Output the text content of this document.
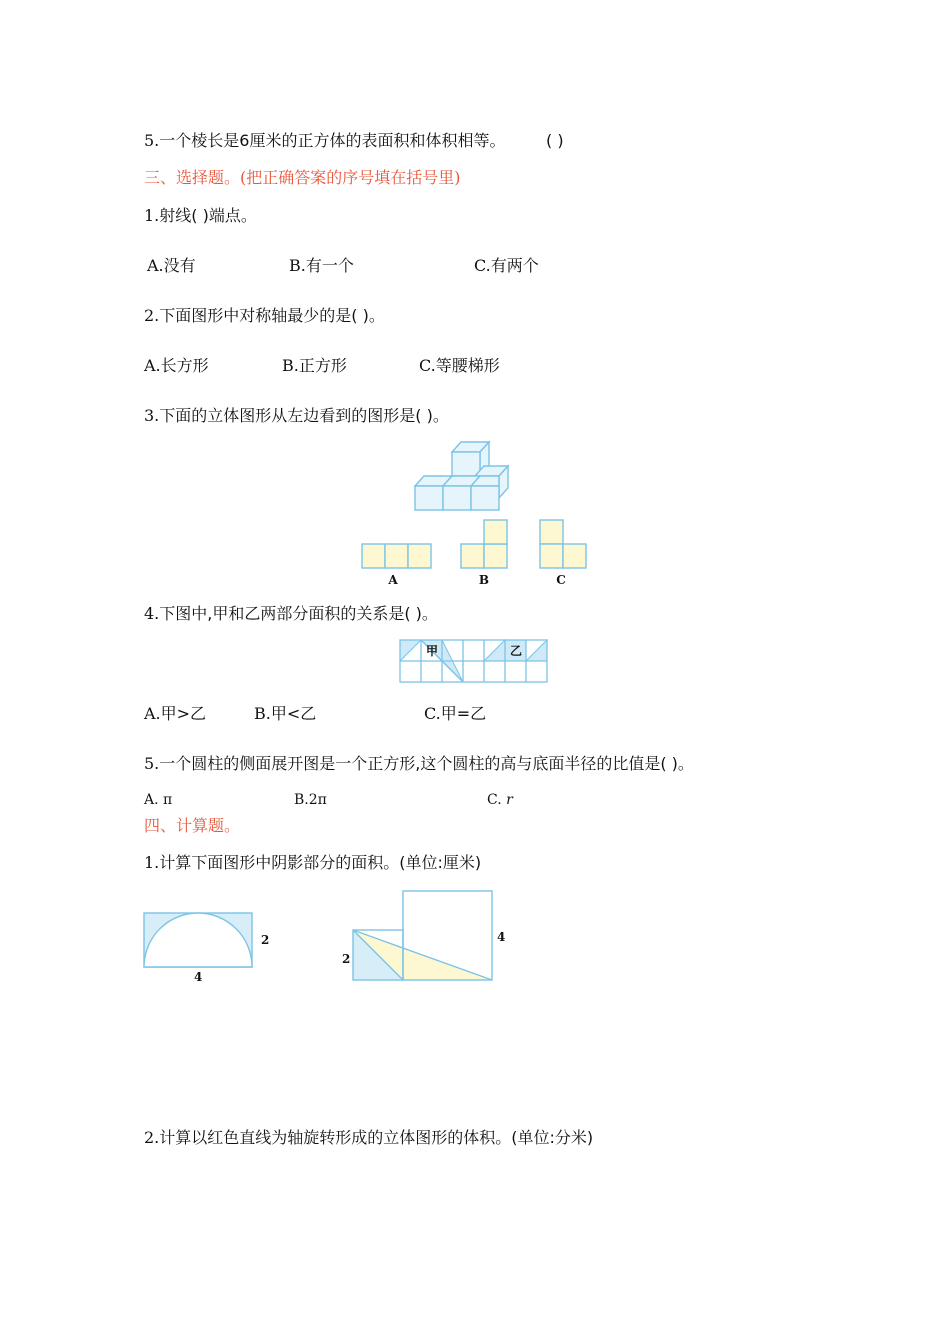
5.一个棱长是6厘米的正方体的表面积和体积相等。	( )
三、选择题。(把正确答案的序号填在括号里)
1.射线( )端点。
A.没有	B.有一个	C.有两个
2.下面图形中对称轴最少的是( )。
A.长方形	B.正方形	C.等腰梯形
3.下面的立体图形从左边看到的图形是( )。
A	B	C
4.下图中,甲和乙两部分面积的关系是( )。
甲	乙
A.甲>乙	B.甲<乙	C.甲=乙
5.一个圆柱的侧面展开图是一个正方形,这个圆柱的高与底面半径的比值是( )。
A. π	B.2π	C. r
四、计算题。
1.计算下面图形中阴影部分的面积。(单位:厘米)
2
4
2
4
2.计算以红色直线为轴旋转形成的立体图形的体积。(单位:分米)
